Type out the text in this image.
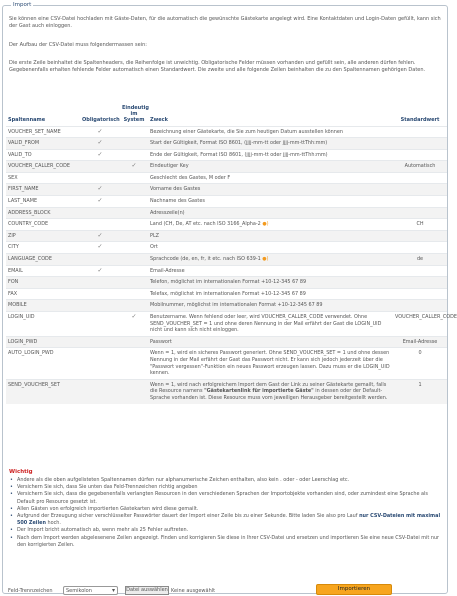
Import
Sie können eine CSV-Datei hochladen mit Gäste-Daten, für die automatisch die gewünschte Gästekarte angelegt wird. Eine Kontaktdaten und Login-Daten gefüllt, kann sich der Gast auch einloggen.
Der Aufbau der CSV-Datei muss folgendermassen sein:
Die erste Zeile beinhaltet die Spaltenheaders, die Reihenfolge ist unwichtig. Obligatorische Felder müssen vorhanden und gefüllt sein, alle anderen dürfen fehlen. Gegebenenfalls erhalten fehlende Felder automatisch einen Standardwert. Die zweite und alle folgende Zeilen beinhalten die zu den Spaltennamen gehörigen Daten.
Spaltenname	Obligatorisch	Eindeutig im System	Zweck	Standardwert
VOUCHER_SET_NAME	✓		Bezeichnung einer Gästekarte, die Sie zum heutigen Datum ausstellen können	
VALID_FROM	✓		Start der Gültigkeit, Format ISO 8601, (jjjj-mm-tt oder jjjj-mm-ttThh:mm)	
VALID_TO	✓		Ende der Gültigkeit, Format ISO 8601, (jjjj-mm-tt oder jjjj-mm-ttThh:mm)	
VOUCHER_CALLER_CODE		✓	Eindeutiger Key	Automatisch
SEX			Geschlecht des Gastes, M oder F	
FIRST_NAME	✓		Vorname des Gastes	
LAST_NAME	✓		Nachname des Gastes	
ADDRESS_BLOCK			Adresszeile(n)	
COUNTRY_CODE			Land (CH, De, AT etc. nach ISO 3166_Alpha-2 ●)	CH
ZIP	✓		PLZ	
CITY	✓		Ort	
LANGUAGE_CODE			Sprachcode (de, en, fr, it etc. nach ISO 639-1 ●)	de
EMAIL	✓		Email-Adresse	
FON			Telefon, möglichst im internationalen Format +10-12-345 67 89	
FAX			Telefax, möglichst im internationalen Format +10-12-345 67 89	
MOBILE			Mobilnummer, möglichst im internationalen Format +10-12-345 67 89	
LOGIN_UID		✓	Benutzername. Wenn fehlend oder leer, wird VOUCHER_CALLER_CODE verwendet. Ohne SEND_VOUCHER_SET = 1 und ohne deren Nennung in der Mail erfährt der Gast die LOGIN_UID nicht und kann sich nicht einloggen.	VOUCHER_CALLER_CODE
LOGIN_PWD			Passwort	Email-Adresse
AUTO_LOGIN_PWD			Wenn = 1, wird ein sicheres Passwort generiert. Ohne SEND_VOUCHER_SET = 1 und ohne dessen Nennung in der Mail erfährt der Gast das Passwort nicht. Er kann sich jedoch jederzeit über die "Passwort vergessen"-Funktion ein neues Passwort erzeugen lassen. Dazu muss er die LOGIN_UID kennen.	0
SEND_VOUCHER_SET			Wenn = 1, wird nach erfolgreichem Import dem Gast der Link zu seiner Gästekarte gemailt, falls die Resource namens "Gästekartenlink für importierte Gäste" in dessen oder der Default-Sprache vorhanden ist. Diese Resource muss vom jeweiligen Herausgeber bereitgestellt werden.	1
Wichtig
• Andere als die oben aufgelisteten Spaltennamen dürfen nur alphanumerische Zeichen enthalten, also kein . oder - oder Leerschlag etc.
• Versichern Sie sich, dass Sie unten das Feld-Trennzeichen richtig angeben
• Versichern Sie sich, dass die gegebenenfalls verlangten Resourcen in den verschiedenen Sprachen der Importobjekte vorhanden sind, oder zumindest eine Sprache als Default pro Resource gesetzt ist.
• Allen Gästen von erfolgreich importierten Gästekarten wird diese gemailt.
• Aufgrund der Erzeugung sicher verschlüsselter Passwörter dauert der Import einer Zeile bis zu einer Sekunde. Bitte laden Sie also pro Lauf nur CSV-Dateien mit maximal 500 Zeilen hoch.
• Der Import bricht automatisch ab, wenn mehr als 25 Fehler auftreten.
• Nach dem Import werden abgelesenene Zeilen angezeigt. Finden und korrigieren Sie diese in Ihrer CSV-Datei und ersetzen und importieren Sie eine neue CSV-Datei mit nur den korrigierten Zeilen.
Feld-Trennzeichen	Semikolon	▾ Datei auswählen Keine ausgewählt	Importieren
